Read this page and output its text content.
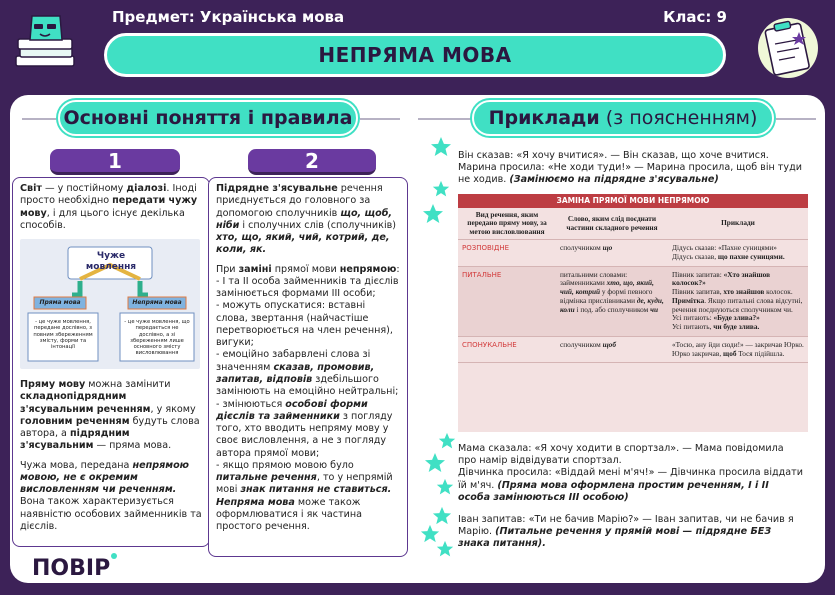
Предмет: Українська мова	Клас: 9
НЕПРЯМА МОВА
Основні поняття і правила	Приклади (з поясненням)

Світ — у постійному діалозі. Іноді просто необхідно передати чужу мову, і для цього існує декілька способів.

Чуже мовлення
Пряма мова	Непряма мова
- це чуже мовлення, передане дослівно, з повним збереженням змісту, форми та інтонації
- це чуже мовлення, що передається не дослівно, а зі збереженням лише основного змісту висловлювання

Пряму мову можна замінити складнопідрядним з'ясувальним реченням, у якому головним реченням будуть слова автора, а підрядним з'ясувальним — пряма мова.

Чужа мова, передана непрямою мовою, не є окремим висловленням чи реченням. Вона також характеризується наявністю особових займенників та дієслів.

Підрядне з'ясувальне речення приєднується до головного за допомогою сполучників що, щоб, ніби і сполучних слів (сполучників) хто, що, який, чий, котрий, де, коли, як.

При заміні прямої мови непрямою:
- I та II особа займенників та дієслів замінюється формами III особи;
- можуть опускатися: вставні слова, звертання (найчастіше перетворюється на член речення), вигуки;
- емоційно забарвлені слова зі значенням сказав, промовив, запитав, відповів здебільшого замінюють на емоційно нейтральні;
- змінюються особові форми дієслів та займенники з погляду того, хто вводить непряму мову у своє висловлення, а не з погляду автора прямої мови;
- якщо прямою мовою було питальне речення, то у непрямій мові знак питання не ставиться.
Непряма мова може також оформлюватися і як частина простого речення.

1	2
ПОВІР
Він сказав: «Я хочу вчитися». — Він сказав, що хоче вчитися.
Марина просила: «Не ходи туди!» — Марина просила, щоб він туди не ходив. (Замінюємо на підрядне з'ясувальне)
ЗАМІНА ПРЯМОЇ МОВИ НЕПРЯМОЮ
Вид речення, яким передано пряму мову, за метою висловлювання	Слово, яким слід поєднати частини складного речення	Приклади
РОЗПОВІДНЕ	сполучником що	Дідусь сказав: «Пахне суницями»
Дідусь сказав, що пахне суницями.
ПИТАЛЬНЕ	питальними словами: займенниками хто, що, який, чий, котрий у формі певного відмінка прислівниками де, куди, коли і под. або сполучником чи	Півник запитав: «Хто знайшов колосок?»
Півник запитав, хто знайшов колосок.
Примітка. Якщо питальні слова відсутні, речення поєднуються сполучником чи.
Усі питають: «Буде злива?»
Усі питають, чи буде злива.
СПОНУКАЛЬНЕ	сполучником щоб	«Тосю, ану йди сюди!» — закричав Юрко.
Юрко закричав, щоб Тося підійшла.
Мама сказала: «Я хочу ходити в спортзал». — Мама повідомила про намір відвідувати спортзал.
Дівчинка просила: «Віддай мені м'яч!» — Дівчинка просила віддати їй м'яч. (Пряма мова оформлена простим реченням, І і ІІ особа замінюються ІІІ особою)
Іван запитав: «Ти не бачив Марію?» — Іван запитав, чи не бачив я Марію. (Питальне речення у прямій мові — підрядне БЕЗ знака питання).
